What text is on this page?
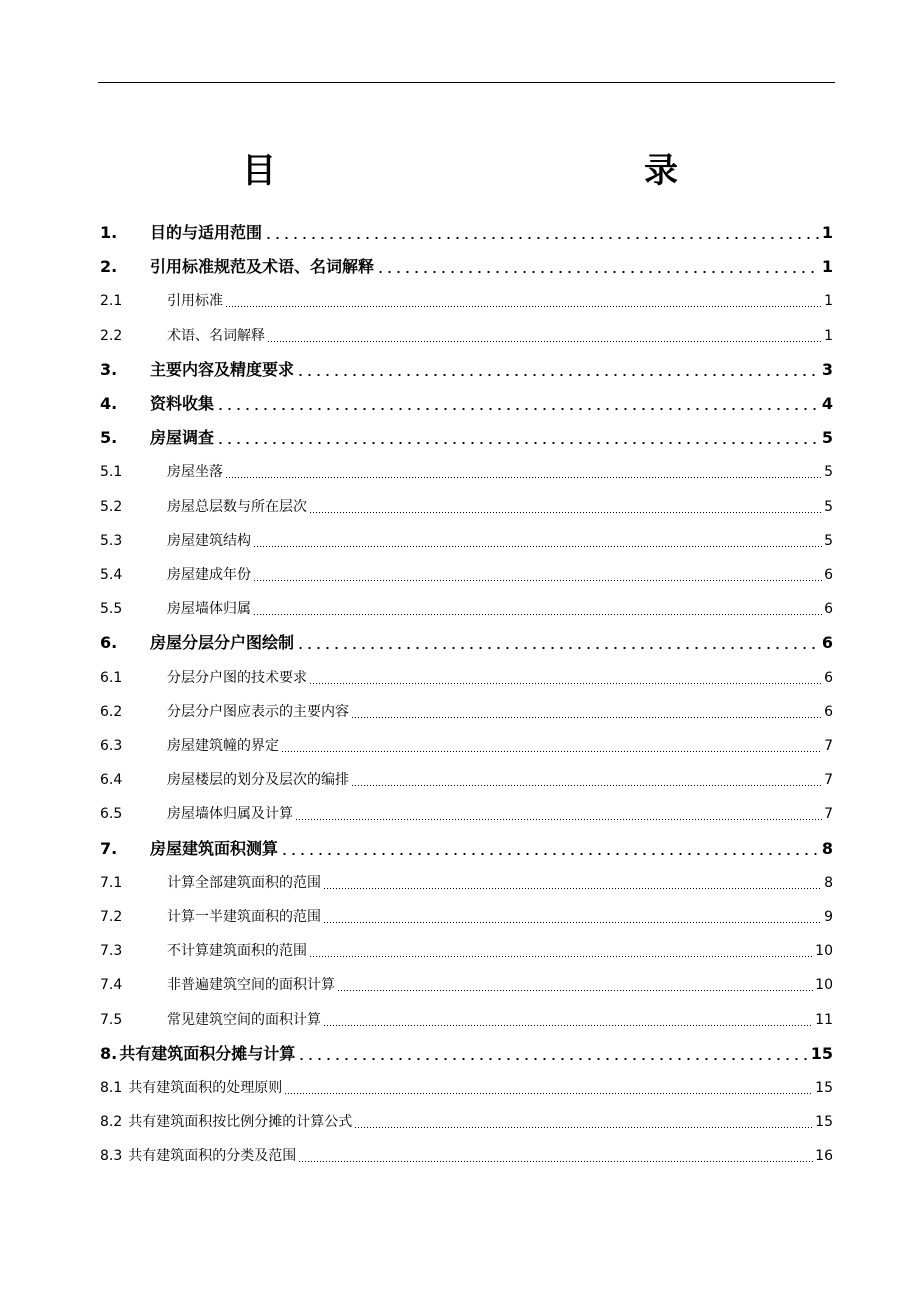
目　　录
1.	目的与适用范围	1
2.	引用标准规范及术语、名词解释	1
2.1	引用标准	1
2.2	术语、名词解释	1
3.	主要内容及精度要求	3
4.	资料收集	4
5.	房屋调查	5
5.1	房屋坐落	5
5.2	房屋总层数与所在层次	5
5.3	房屋建筑结构	5
5.4	房屋建成年份	6
5.5	房屋墙体归属	6
6.	房屋分层分户图绘制	6
6.1	分层分户图的技术要求	6
6.2	分层分户图应表示的主要内容	6
6.3	房屋建筑幢的界定	7
6.4	房屋楼层的划分及层次的编排	7
6.5	房屋墙体归属及计算	7
7.	房屋建筑面积测算	8
7.1	计算全部建筑面积的范围	8
7.2	计算一半建筑面积的范围	9
7.3	不计算建筑面积的范围	10
7.4	非普遍建筑空间的面积计算	10
7.5	常见建筑空间的面积计算	11
8. 共有建筑面积分摊与计算	15
8.1 共有建筑面积的处理原则	15
8.2 共有建筑面积按比例分摊的计算公式	15
8.3 共有建筑面积的分类及范围	16
